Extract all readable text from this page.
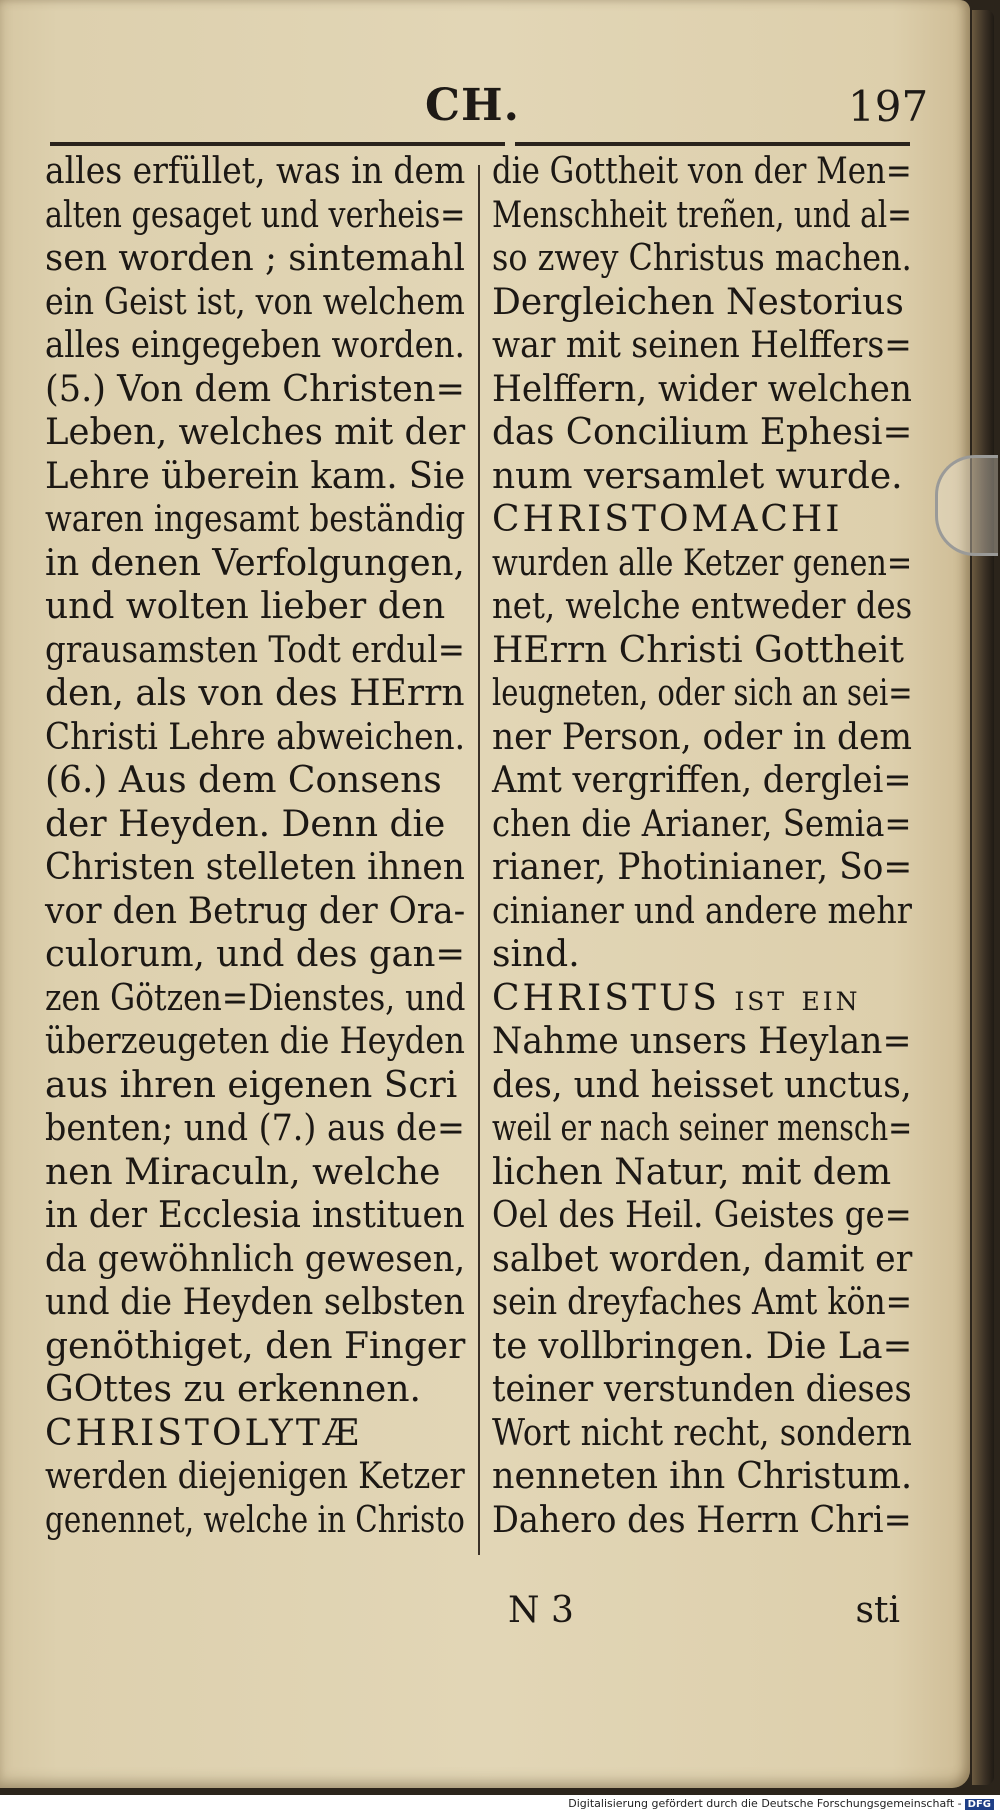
CH.	197
alles erfüllet, was in dem
alten gesaget und verheis=
sen worden ; sintemahl
ein Geist ist, von welchem
alles eingegeben worden.
(5.) Von dem Christen=
Leben, welches mit der
Lehre überein kam. Sie
waren ingesamt beständig
in denen Verfolgungen,
und wolten lieber den
grausamsten Todt erdul=
den, als von des HErrn
Christi Lehre abweichen.
(6.) Aus dem Consens
der Heyden. Denn die
Christen stelleten ihnen
vor den Betrug der Ora-
culorum, und des gan=
zen Götzen=Dienstes, und
überzeugeten die Heyden
aus ihren eigenen Scri
benten; und (7.) aus de=
nen Miraculn, welche
in der Ecclesia instituen
da gewöhnlich gewesen,
und die Heyden selbsten
genöthiget, den Finger
GOttes zu erkennen.
CHRISTOLYTÆ
werden diejenigen Ketzer
genennet, welche in Christo
die Gottheit von der Men=
Menschheit treñen, und al=
so zwey Christus machen.
Dergleichen Nestorius
war mit seinen Helffers=
Helffern, wider welchen
das Concilium Ephesi=
num versamlet wurde.
CHRISTOMACHI
wurden alle Ketzer genen=
net, welche entweder des
HErrn Christi Gottheit
leugneten, oder sich an sei=
ner Person, oder in dem
Amt vergriffen, derglei=
chen die Arianer, Semia=
rianer, Photinianer, So=
cinianer und andere mehr
sind.
CHRISTUS ist ein
Nahme unsers Heylan=
des, und heisset unctus,
weil er nach seiner mensch=
lichen Natur, mit dem
Oel des Heil. Geistes ge=
salbet worden, damit er
sein dreyfaches Amt kön=
te vollbringen. Die La=
teiner verstunden dieses
Wort nicht recht, sondern
nenneten ihn Christum.
Dahero des Herrn Chri=
N 3	sti
Digitalisierung gefördert durch die Deutsche Forschungsgemeinschaft - DFG
